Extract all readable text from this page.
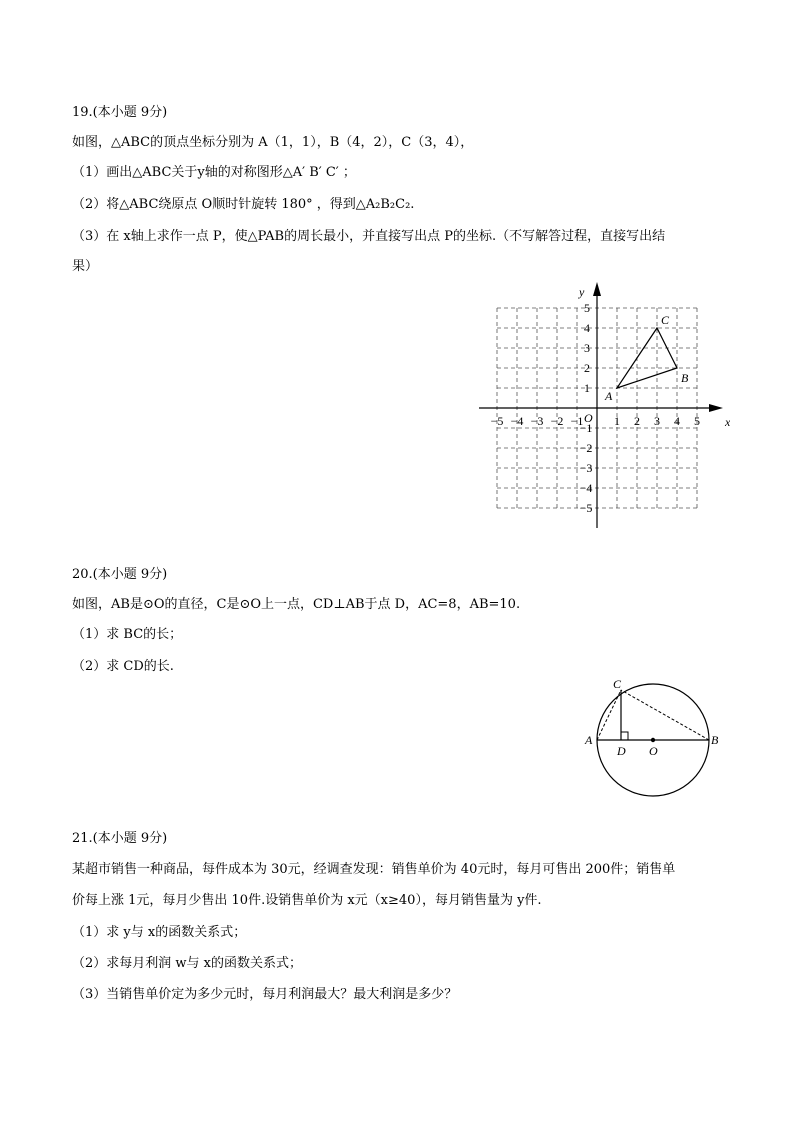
19.(本小题 9分)
如图，△ABC的顶点坐标分别为 A（1，1），B（4，2），C（3，4），
（1）画出△ABC关于y轴的对称图形△A′ B′ C′ ；
（2）将△ABC绕原点 O顺时针旋转 180° ，得到△A₂B₂C₂.
（3）在 x轴上求作一点 P，使△PAB的周长最小，并直接写出点 P的坐标.（不写解答过程，直接写出结
果）
x
y
O
−5 −4 −3 −2 −1	1 2 3 4 5
1
2
3
4
5
−1
−2
−3
−4
−5
A
B
C
20.(本小题 9分)
如图，AB是⊙O的直径，C是⊙O上一点，CD⊥AB于点 D，AC=8，AB=10.
（1）求 BC的长；
（2）求 CD的长.
C
A	B
D O
21.(本小题 9分)
某超市销售一种商品，每件成本为 30元，经调查发现：销售单价为 40元时，每月可售出 200件；销售单
价每上涨 1元，每月少售出 10件.设销售单价为 x元（x≥40），每月销售量为 y件.
（1）求 y与 x的函数关系式；
（2）求每月利润 w与 x的函数关系式；
（3）当销售单价定为多少元时，每月利润最大？最大利润是多少？
